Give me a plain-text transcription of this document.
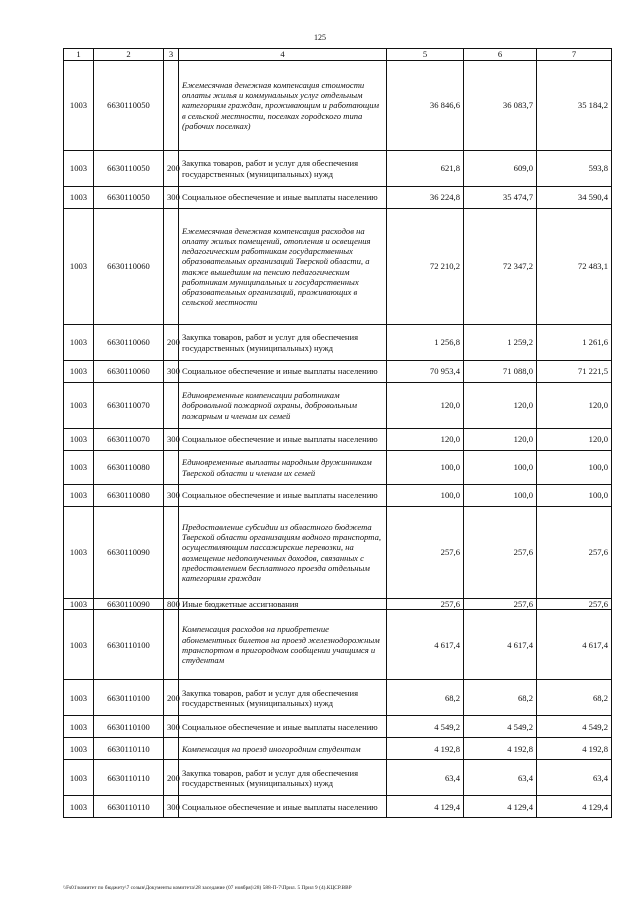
125
1	2	3	4	5	6	7
1003	6630110050		Ежемесячная денежная компенсация стоимости оплаты жилья и коммунальных услуг отдельным категориям граждан, проживающим и работающим в сельской местности, поселках городского типа (рабочих поселках)	36 846,6	36 083,7	35 184,2
1003	6630110050	200	Закупка товаров, работ и услуг для обеспечения государственных (муниципальных) нужд	621,8	609,0	593,8
1003	6630110050	300	Социальное обеспечение и иные выплаты населению	36 224,8	35 474,7	34 590,4
1003	6630110060		Ежемесячная денежная компенсация расходов на оплату жилых помещений, отопления и освещения педагогическим работникам государственных образовательных организаций Тверской области, а также вышедшим на пенсию педагогическим работникам муниципальных и государственных образовательных организаций, проживающих в сельской местности	72 210,2	72 347,2	72 483,1
1003	6630110060	200	Закупка товаров, работ и услуг для обеспечения государственных (муниципальных) нужд	1 256,8	1 259,2	1 261,6
1003	6630110060	300	Социальное обеспечение и иные выплаты населению	70 953,4	71 088,0	71 221,5
1003	6630110070		Единовременные компенсации работникам добровольной пожарной охраны, добровольным пожарным и членам их семей	120,0	120,0	120,0
1003	6630110070	300	Социальное обеспечение и иные выплаты населению	120,0	120,0	120,0
1003	6630110080		Единовременные выплаты народным дружинникам Тверской области и членам их семей	100,0	100,0	100,0
1003	6630110080	300	Социальное обеспечение и иные выплаты населению	100,0	100,0	100,0
1003	6630110090		Предоставление субсидии из областного бюджета Тверской области организациям водного транспорта, осуществляющим пассажирские перевозки, на возмещение недополученных доходов, связанных с предоставлением бесплатного проезда отдельным категориям граждан	257,6	257,6	257,6
1003	6630110090	800	Иные бюджетные ассигнования	257,6	257,6	257,6
1003	6630110100		Компенсация расходов на приобретение абонементных билетов на проезд железнодорожным транспортом в пригородном сообщении учащимся и студентам	4 617,4	4 617,4	4 617,4
1003	6630110100	200	Закупка товаров, работ и услуг для обеспечения государственных (муниципальных) нужд	68,2	68,2	68,2
1003	6630110100	300	Социальное обеспечение и иные выплаты населению	4 549,2	4 549,2	4 549,2
1003	6630110110		Компенсация на проезд иногородним студентам	4 192,8	4 192,8	4 192,8
1003	6630110110	200	Закупка товаров, работ и услуг для обеспечения государственных (муниципальных) нужд	63,4	63,4	63,4
1003	6630110110	300	Социальное обеспечение и иные выплаты населению	4 129,4	4 129,4	4 129,4
\\Fs01\комитет по бюджету\7 созыв\Документы комитета\28 заседание (07 ноября)\28) 588-П-7\Прил. 5 Прил 9 (4).КЦСР.ВВР
